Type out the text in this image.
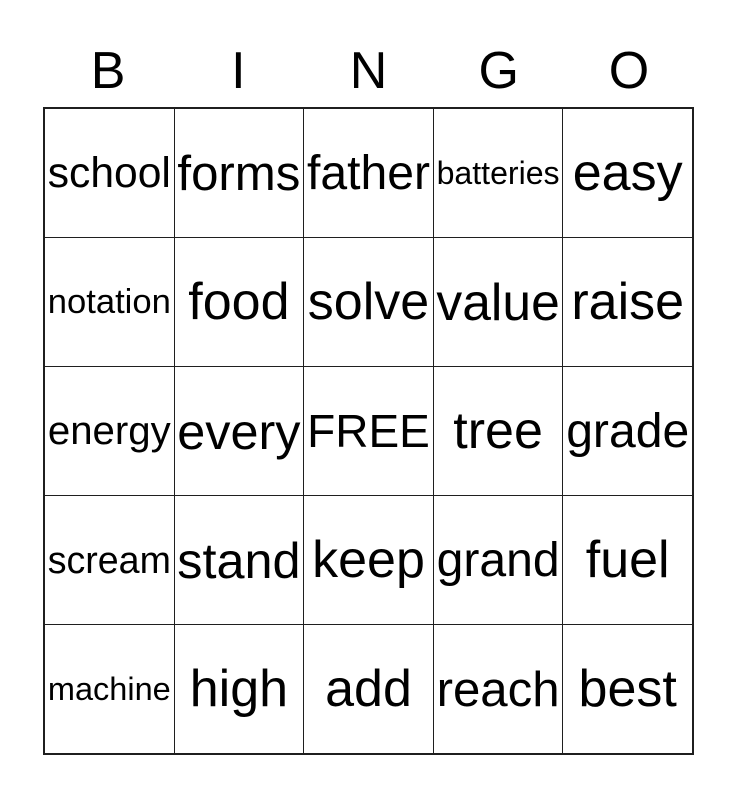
B	I	N	G	O
school forms father batteries easy
notation food solve value raise
energy every FREE tree grade
scream stand keep grand fuel
machine high add reach best
